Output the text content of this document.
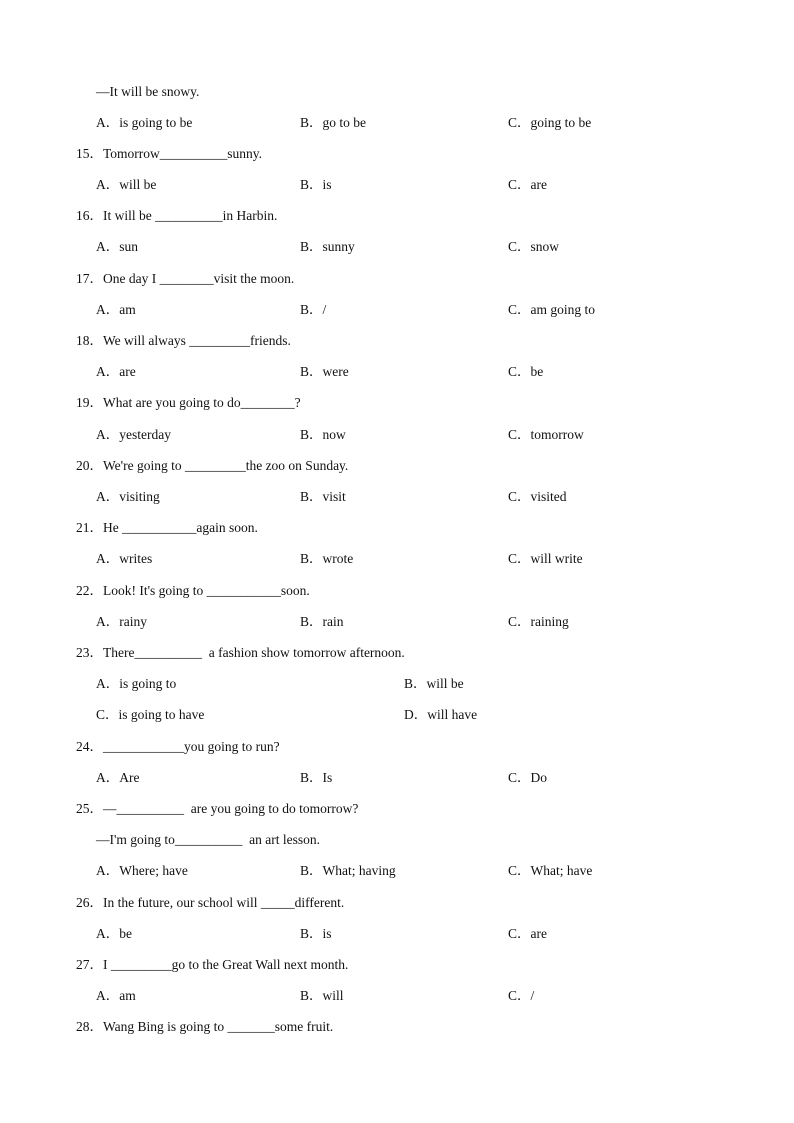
—It will be snowy.
A．is going to be	B．go to be	C．going to be
15．Tomorrow__________sunny.
A．will be	B．is	C．are
16．It will be __________in Harbin.
A．sun	B．sunny	C．snow
17．One day I ________visit the moon.
A．am	B．/	C．am going to
18．We will always _________friends.
A．are	B．were	C．be
19．What are you going to do________?
A．yesterday	B．now	C．tomorrow
20．We're going to _________the zoo on Sunday.
A．visiting	B．visit	C．visited
21．He ___________again soon.
A．writes	B．wrote	C．will write
22．Look! It's going to ___________soon.
A．rainy	B．rain	C．raining
23．There__________  a fashion show tomorrow afternoon.
A．is going to	B．will be
C．is going to have	D．will have
24．____________you going to run?
A．Are	B．Is	C．Do
25．—__________  are you going to do tomorrow?
—I'm going to__________  an art lesson.
A．Where; have	B．What; having	C．What; have
26．In the future, our school will _____different.
A．be	B．is	C．are
27．I _________go to the Great Wall next month.
A．am	B．will	C．/
28．Wang Bing is going to _______some fruit.
